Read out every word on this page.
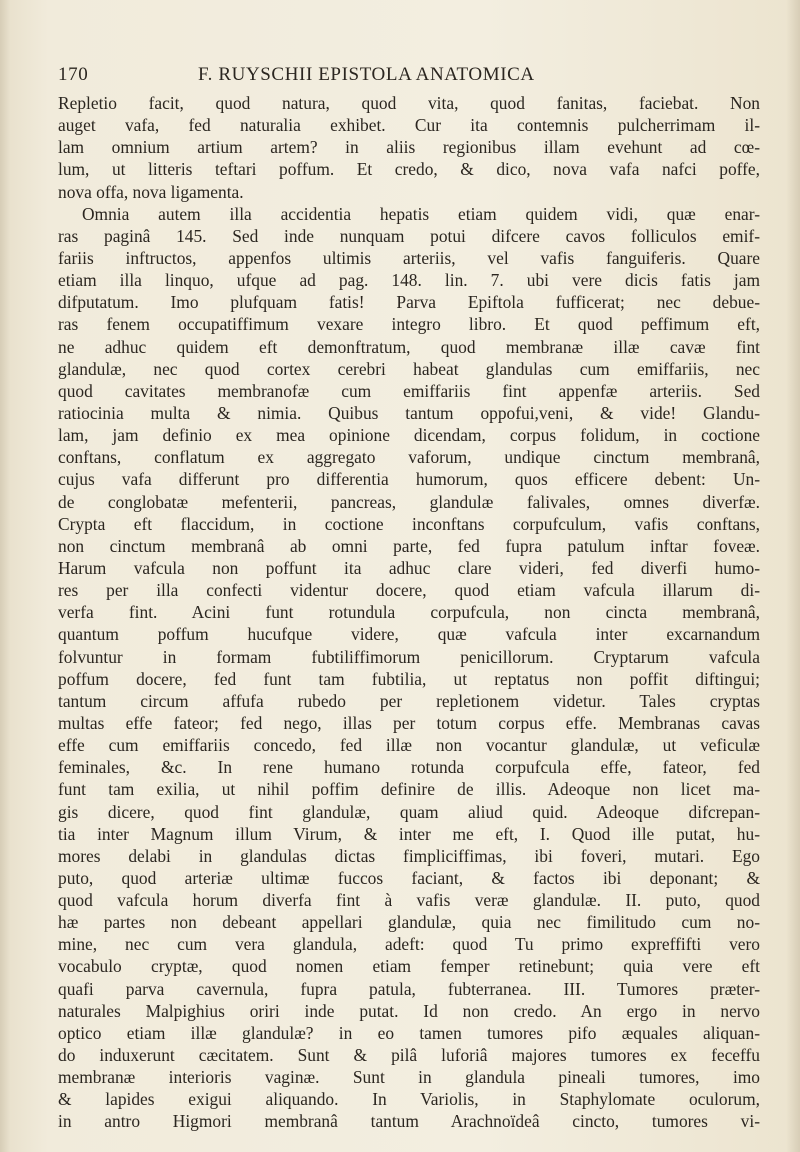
170	F. RUYSCHII EPISTOLA ANATOMICA
Repletio facit, quod natura, quod vita, quod fanitas, faciebat. Non
auget vafa, fed naturalia exhibet. Cur ita contemnis pulcherrimam il-
lam omnium artium artem? in aliis regionibus illam evehunt ad cœ-
lum, ut litteris teftari poffum. Et credo, & dico, nova vafa nafci poffe,
nova offa, nova ligamenta.
Omnia autem illa accidentia hepatis etiam quidem vidi, quæ enar-
ras paginâ 145. Sed inde nunquam potui difcere cavos folliculos emif-
fariis inftructos, appenfos ultimis arteriis, vel vafis fanguiferis. Quare
etiam illa linquo, ufque ad pag. 148. lin. 7. ubi vere dicis fatis jam
difputatum. Imo plufquam fatis! Parva Epiftola fufficerat; nec debue-
ras fenem occupatiffimum vexare integro libro. Et quod peffimum eft,
ne adhuc quidem eft demonftratum, quod membranæ illæ cavæ fint
glandulæ, nec quod cortex cerebri habeat glandulas cum emiffariis, nec
quod cavitates membranofæ cum emiffariis fint appenfæ arteriis. Sed
ratiocinia multa & nimia. Quibus tantum oppofui,veni, & vide! Glandu-
lam, jam definio ex mea opinione dicendam, corpus folidum, in coctione
conftans, conflatum ex aggregato vaforum, undique cinctum membranâ,
cujus vafa differunt pro differentia humorum, quos efficere debent: Un-
de conglobatæ mefenterii, pancreas, glandulæ falivales, omnes diverfæ.
Crypta eft flaccidum, in coctione inconftans corpufculum, vafis conftans,
non cinctum membranâ ab omni parte, fed fupra patulum inftar foveæ.
Harum vafcula non poffunt ita adhuc clare videri, fed diverfi humo-
res per illa confecti videntur docere, quod etiam vafcula illarum di-
verfa fint. Acini funt rotundula corpufcula, non cincta membranâ,
quantum poffum hucufque videre, quæ vafcula inter excarnandum
folvuntur in formam fubtiliffimorum penicillorum. Cryptarum vafcula
poffum docere, fed funt tam fubtilia, ut reptatus non poffit diftingui;
tantum circum affufa rubedo per repletionem videtur. Tales cryptas
multas effe fateor; fed nego, illas per totum corpus effe. Membranas cavas
effe cum emiffariis concedo, fed illæ non vocantur glandulæ, ut veficulæ
feminales, &c. In rene humano rotunda corpufcula effe, fateor, fed
funt tam exilia, ut nihil poffim definire de illis. Adeoque non licet ma-
gis dicere, quod fint glandulæ, quam aliud quid. Adeoque difcrepan-
tia inter Magnum illum Virum, & inter me eft, I. Quod ille putat, hu-
mores delabi in glandulas dictas fimpliciffimas, ibi foveri, mutari. Ego
puto, quod arteriæ ultimæ fuccos faciant, & factos ibi deponant; &
quod vafcula horum diverfa fint à vafis veræ glandulæ. II. puto, quod
hæ partes non debeant appellari glandulæ, quia nec fimilitudo cum no-
mine, nec cum vera glandula, adeft: quod Tu primo expreffifti vero
vocabulo cryptæ, quod nomen etiam femper retinebunt; quia vere eft
quafi parva cavernula, fupra patula, fubterranea. III. Tumores præter-
naturales Malpighius oriri inde putat. Id non credo. An ergo in nervo
optico etiam illæ glandulæ? in eo tamen tumores pifo æquales aliquan-
do induxerunt cæcitatem. Sunt & pilâ luforiâ majores tumores ex feceffu
membranæ interioris vaginæ. Sunt in glandula pineali tumores, imo
& lapides exigui aliquando. In Variolis, in Staphylomate oculorum,
in antro Higmori membranâ tantum Arachnoïdeâ cincto, tumores vi-
